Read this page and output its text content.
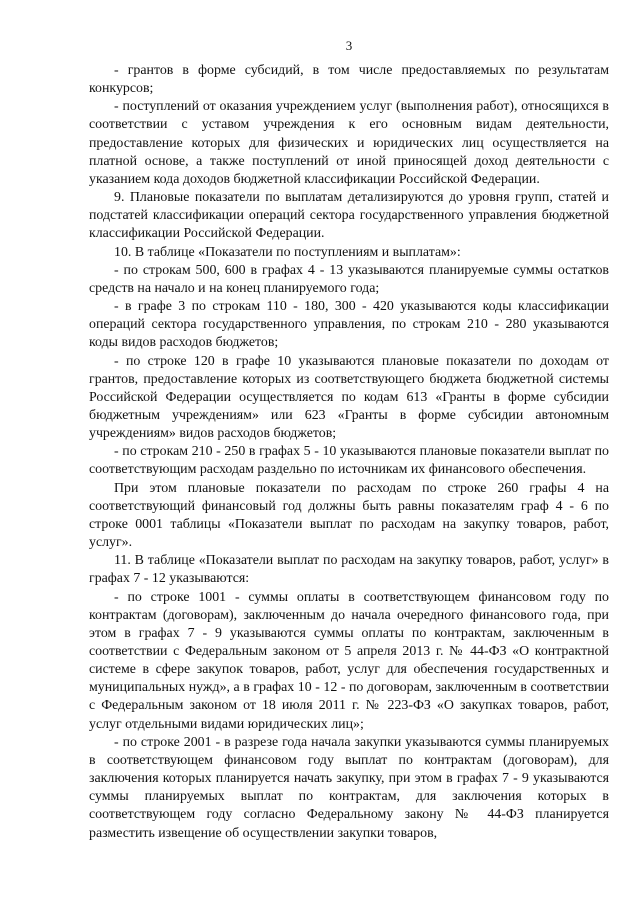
3

- грантов в форме субсидий, в том числе предоставляемых по результатам конкурсов;

- поступлений от оказания учреждением услуг (выполнения работ), относящихся в соответствии с уставом учреждения к его основным видам деятельности, предоставление которых для физических и юридических лиц осуществляется на платной основе, а также поступлений от иной приносящей доход деятельности с указанием кода доходов бюджетной классификации Российской Федерации.

9. Плановые показатели по выплатам детализируются до уровня групп, статей и подстатей классификации операций сектора государственного управления бюджетной классификации Российской Федерации.

10. В таблице «Показатели по поступлениям и выплатам»:

- по строкам 500, 600 в графах 4 - 13 указываются планируемые суммы остатков средств на начало и на конец планируемого года;

- в графе 3 по строкам 110 - 180, 300 - 420 указываются коды классификации операций сектора государственного управления, по строкам 210 - 280 указываются коды видов расходов бюджетов;

- по строке 120 в графе 10 указываются плановые показатели по доходам от грантов, предоставление которых из соответствующего бюджета бюджетной системы Российской Федерации осуществляется по кодам 613 «Гранты в форме субсидии бюджетным учреждениям» или 623 «Гранты в форме субсидии автономным учреждениям» видов расходов бюджетов;

- по строкам 210 - 250 в графах 5 - 10 указываются плановые показатели выплат по соответствующим расходам раздельно по источникам их финансового обеспечения.

При этом плановые показатели по расходам по строке 260 графы 4 на соответствующий финансовый год должны быть равны показателям граф 4 - 6 по строке 0001 таблицы «Показатели выплат по расходам на закупку товаров, работ, услуг».

11. В таблице «Показатели выплат по расходам на закупку товаров, работ, услуг» в графах 7 - 12 указываются:

- по строке 1001 - суммы оплаты в соответствующем финансовом году по контрактам (договорам), заключенным до начала очередного финансового года, при этом в графах 7 - 9 указываются суммы оплаты по контрактам, заключенным в соответствии с Федеральным законом от 5 апреля 2013 г. № 44-ФЗ «О контрактной системе в сфере закупок товаров, работ, услуг для обеспечения государственных и муниципальных нужд», а в графах 10 - 12 - по договорам, заключенным в соответствии с Федеральным законом от 18 июля 2011 г. № 223-ФЗ «О закупках товаров, работ, услуг отдельными видами юридических лиц»;

- по строке 2001 - в разрезе года начала закупки указываются суммы планируемых в соответствующем финансовом году выплат по контрактам (договорам), для заключения которых планируется начать закупку, при этом в графах 7 - 9 указываются суммы планируемых выплат по контрактам, для заключения которых в соответствующем году согласно Федеральному закону № 44-ФЗ планируется разместить извещение об осуществлении закупки товаров,
